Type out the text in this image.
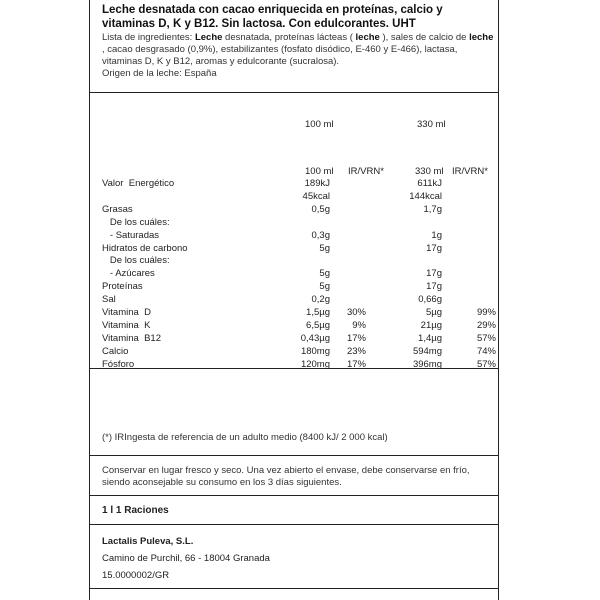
Leche desnatada con cacao enriquecida en proteínas, calcio y vitaminas D, K y B12. Sin lactosa. Con edulcorantes. UHT
Lista de ingredientes: Leche desnatada, proteínas lácteas ( leche ), sales de calcio de leche , cacao desgrasado (0,9%), estabilizantes (fosfato disódico, E-460 y E-466), lactasa, vitaminas D, K y B12, aromas y edulcorante (sucralosa).
Origen de la leche: España
100 ml	330 ml
100 ml IR/VRN*	330 ml IR/VRN*
Valor  Energético	189kJ	611kJ
45kcal	144kcal
Grasas	0,5g	1,7g
De los cuáles:
- Saturadas	0,3g	1g
Hidratos de carbono	5g	17g
De los cuáles:
- Azúcares	5g	17g
Proteínas	5g	17g
Sal	0,2g	0,66g
Vitamina  D	1,5µg	30%	5µg	99%
Vitamina  K	6,5µg	9%	21µg	29%
Vitamina  B12	0,43µg	17%	1,4µg	57%
Calcio	180mg	23%	594mg	74%
Fósforo	120mg	17%	396mg	57%
(*) IRIngesta de referencia de un adulto medio (8400 kJ/ 2 000 kcal)
Conservar en lugar fresco y seco. Una vez abierto el envase, debe conservarse en frío, siendo aconsejable su consumo en los 3 días siguientes.
1 l 1 Raciones
Lactalis Puleva, S.L.
Camino de Purchil, 66 - 18004 Granada
15.0000002/GR
